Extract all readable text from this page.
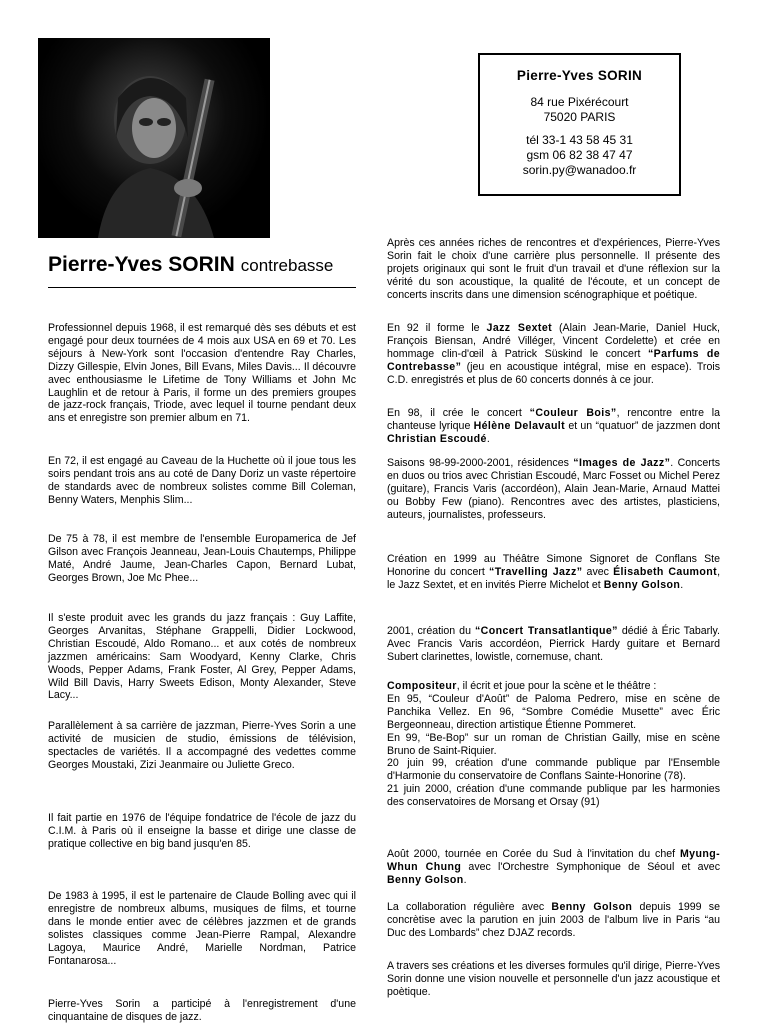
Pierre-Yves SORIN
84 rue Pixérécourt
75020 PARIS
tél 33-1 43 58 45 31
gsm 06 82 38 47 47
sorin.py@wanadoo.fr
Pierre-Yves SORIN contrebasse

Professionnel depuis 1968, il est remarqué dès ses débuts et est engagé pour deux tournées de 4 mois aux USA en 69 et 70. Les séjours à New-York sont l'occasion d'entendre Ray Charles, Dizzy Gillespie, Elvin Jones, Bill Evans, Miles Davis... Il découvre avec enthousiasme le Lifetime de Tony Williams et John Mc Laughlin et de retour à Paris, il forme un des premiers groupes de jazz-rock français, Triode, avec lequel il tourne pendant deux ans et enregistre son premier album en 71.

En 72, il est engagé au Caveau de la Huchette où il joue tous les soirs pendant trois ans au coté de Dany Doriz un vaste répertoire de standards avec de nombreux solistes comme Bill Coleman, Benny Waters, Menphis Slim...

De 75 à 78, il est membre de l'ensemble Europamerica de Jef Gilson avec François Jeanneau, Jean-Louis Chautemps, Philippe Maté, André Jaume, Jean-Charles Capon, Bernard Lubat, Georges Brown, Joe Mc Phee...

Il s'este produit avec les grands du jazz français : Guy Laffite, Georges Arvanitas, Stéphane Grappelli, Didier Lockwood, Christian Escoudé, Aldo Romano... et aux cotés de nombreux jazzmen américains: Sam Woodyard, Kenny Clarke, Chris Woods, Pepper Adams, Frank Foster, Al Grey, Pepper Adams, Wild Bill Davis, Harry Sweets Edison, Monty Alexander, Steve Lacy...

Parallèlement à sa carrière de jazzman, Pierre-Yves Sorin a une activité de musicien de studio, émissions de télévision, spectacles de variétés. Il a accompagné des vedettes comme Georges Moustaki, Zizi Jeanmaire ou Juliette Greco.

Il fait partie en 1976 de l'équipe fondatrice de l'école de jazz du C.I.M. à Paris où il enseigne la basse et dirige une classe de pratique collective en big band jusqu'en 85.

De 1983 à 1995, il est le partenaire de Claude Bolling avec qui il enregistre de nombreux albums, musiques de films, et tourne dans le monde entier avec de célèbres jazzmen et de grands solistes classiques comme Jean-Pierre Rampal, Alexandre Lagoya, Maurice André, Marielle Nordman, Patrice Fontanarosa...

Pierre-Yves Sorin a participé à l'enregistrement d'une cinquantaine de disques de jazz.

Après ces années riches de rencontres et d'expériences, Pierre-Yves Sorin fait le choix d'une carrière plus personnelle. Il présente des projets originaux qui sont le fruit d'un travail et d'une réflexion sur la vérité du son acoustique, la qualité de l'écoute, et un concept de concerts inscrits dans une dimension scénographique et poétique.

En 92 il forme le Jazz Sextet (Alain Jean-Marie, Daniel Huck, François Biensan, André Villéger, Vincent Cordelette) et crée en hommage clin-d'œil à Patrick Süskind le concert “Parfums de Contrebasse” (jeu en acoustique intégral, mise en espace). Trois C.D. enregistrés et plus de 60 concerts donnés à ce jour.

En 98, il crée le concert “Couleur Bois”, rencontre entre la chanteuse lyrique Hélène Delavault et un “quatuor” de jazzmen dont Christian Escoudé.

Saisons 98-99-2000-2001, résidences “Images de Jazz”. Concerts en duos ou trios avec Christian Escoudé, Marc Fosset ou Michel Perez (guitare), Francis Varis (accordéon), Alain Jean-Marie, Arnaud Mattei ou Bobby Few (piano). Rencontres avec des artistes, plasticiens, auteurs, journalistes, professeurs.

Création en 1999 au Théâtre Simone Signoret de Conflans Ste Honorine du concert “Travelling Jazz” avec Élisabeth Caumont, le Jazz Sextet, et en invités Pierre Michelot et Benny Golson.

2001, création du “Concert Transatlantique” dédié à Éric Tabarly. Avec Francis Varis accordéon, Pierrick Hardy guitare et Bernard Subert clarinettes, lowistle, cornemuse, chant.

Compositeur, il écrit et joue pour la scène et le théâtre :
En 95, “Couleur d'Août” de Paloma Pedrero, mise en scène de Panchika Vellez. En 96, “Sombre Comédie Musette” avec Éric Bergeonneau, direction artistique Étienne Pommeret.
En 99, “Be-Bop” sur un roman de Christian Gailly, mise en scène Bruno de Saint-Riquier.
20 juin 99, création d'une commande publique par l'Ensemble d'Harmonie du conservatoire de Conflans Sainte-Honorine (78).
21 juin 2000, création d'une commande publique par les harmonies des conservatoires de Morsang et Orsay (91)

Août 2000, tournée en Corée du Sud à l'invitation du chef Myung-Whun Chung avec l'Orchestre Symphonique de Séoul et avec Benny Golson.

La collaboration régulière avec Benny Golson depuis 1999 se concrètise avec la parution en juin 2003 de l'album live in Paris “au Duc des Lombards” chez DJAZ records.

A travers ses créations et les diverses formules qu'il dirige, Pierre-Yves Sorin donne une vision nouvelle et personnelle d'un jazz acoustique et poètique.
